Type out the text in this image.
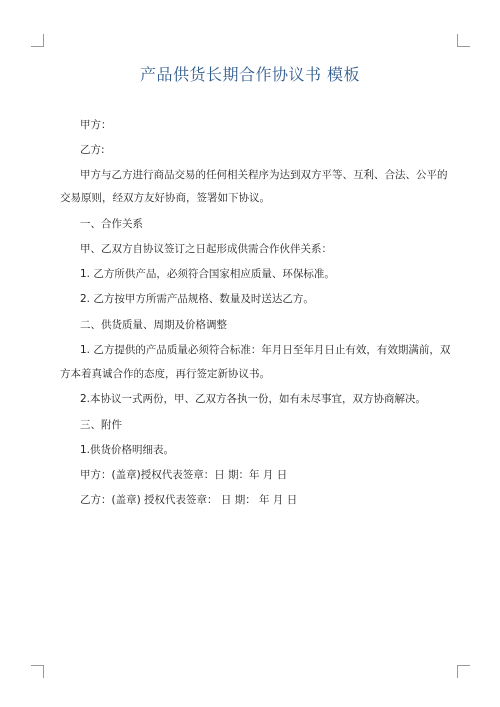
产品供货长期合作协议书 模板
甲方：
乙方:
甲方与乙方进行商品交易的任何相关程序为达到双方平等、互利、合法、公平的
交易原则，经双方友好协商，签署如下协议。
一、合作关系
甲、乙双方自协议签订之日起形成供需合作伙伴关系：
1. 乙方所供产品，必须符合国家相应质量、环保标准。
2. 乙方按甲方所需产品规格、数量及时送达乙方。
二、供货质量、周期及价格调整
1. 乙方提供的产品质量必须符合标准：年月日至年月日止有效，有效期满前，双
方本着真诚合作的态度，再行签定新协议书。
2.本协议一式两份，甲、乙双方各执一份，如有未尽事宜，双方协商解决。
三、附件
1.供货价格明细表。
甲方：(盖章)授权代表签章：日 期：年 月 日
乙方：(盖章) 授权代表签章： 日 期： 年 月 日
